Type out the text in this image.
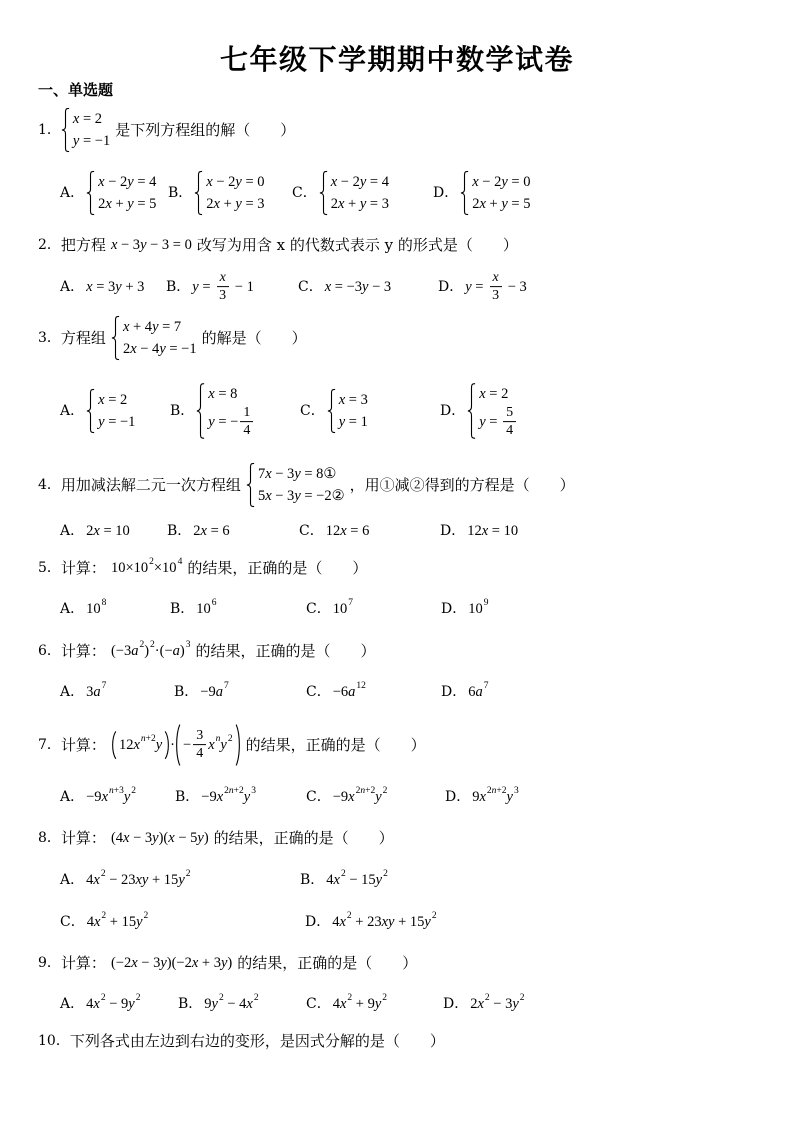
七年级下学期期中数学试卷
一、单选题
1．
x = 2
y = −1
是下列方程组的解（　　）
A．
x − 2y = 4
2x + y = 5
B．
x − 2y = 0
2x + y = 3
C．
x − 2y = 4
2x + y = 3
D．
x − 2y = 0
2x + y = 5
2． 把方程 x − 3y − 3 = 0 改写为用含 x 的代数式表示 y 的形式是（　　）
A． x = 3y + 3 B． $y = \frac{x}{3} - 1$	C． x = −3y − 3	D． $y = \frac{x}{3} - 3$
3． 方程组
x + 4y = 7
2x − 4y = −1
的解是（　　）
A．
x = 2
y = −1
B．
x = 8
y = − $\frac{1}{4}$	C．
x = 3
y = 1
D．
x = 2
$y = \frac{5}{4}$
4． 用加减法解二元一次方程组
7x − 3y = 8①
5x − 3y = −2②
，用①减②得到的方程是（　　）
A． 2x = 10	B． 2x = 6	C． 12x = 6	D． 12x = 10
5． 计算： 10×10 2 ×10 4 的结果，正确的是（　　）
A． 10 8	B． 10 6	C． 10 7	D． 10 9
6． 计算： (−3a 2 ) 2 ·(−a) 3 的结果，正确的是（　　）
A． 3a 7	B． −9a 7	C． −6a 12	D． 6a 7
7． 计算： 12x n+2 y · − $\frac{3}{4}$ x n y 2 的结果，正确的是（　　）
A． −9x n+3 y 2	B． −9x 2n+2 y 3	C． −9x 2n+2 y 2	D． 9x 2n+2 y 3
8． 计算： (4x − 3y)(x − 5y) 的结果，正确的是（　　）
A． 4x 2 − 23xy + 15y 2	B． 4x 2 − 15y 2
C． 4x 2 + 15y 2	D． 4x 2 + 23xy + 15y 2
9． 计算： (−2x − 3y)(−2x + 3y) 的结果，正确的是（　　）
A． 4x 2 − 9y 2	B． 9y 2 − 4x 2	C． 4x 2 + 9y 2	D． 2x 2 − 3y 2
10． 下列各式由左边到右边的变形，是因式分解的是（　　）
